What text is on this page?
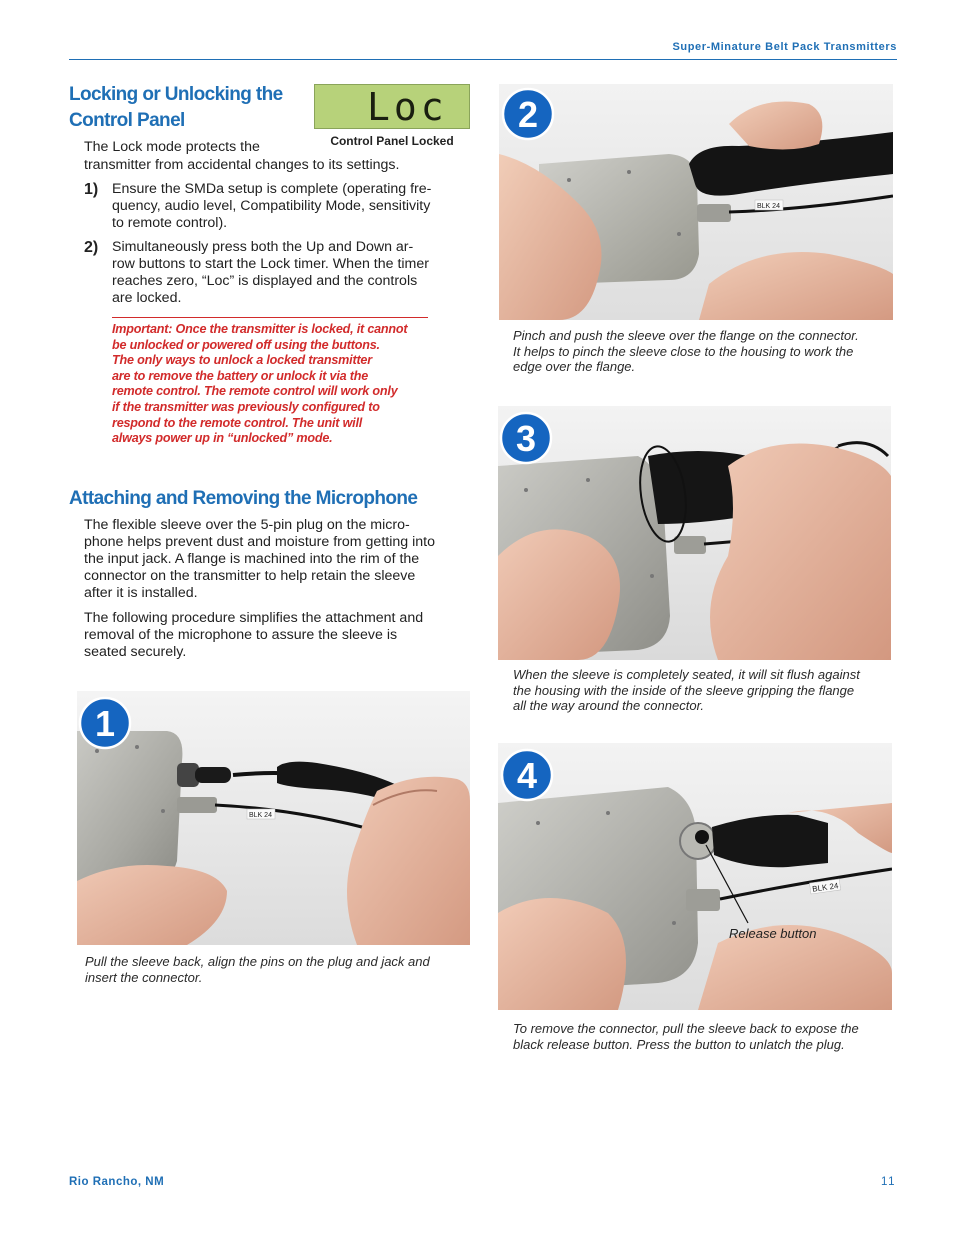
Super-Minature Belt Pack Transmitters
Locking or Unlocking the
Control Panel	Loc
Control Panel Locked

The Lock mode protects the

transmitter from accidental changes to its settings.

1) Ensure the SMDa setup is complete (operating fre-
quency, audio level, Compatibility Mode, sensitivity
to remote control).
2) Simultaneously press both the Up and Down ar-
row buttons to start the Lock timer. When the timer
reaches zero, “Loc” is displayed and the controls
are locked.
Important: Once the transmitter is locked, it cannot
be unlocked or powered off using the buttons.
The only ways to unlock a locked transmitter
are to remove the battery or unlock it via the
remote control. The remote control will work only
if the transmitter was previously configured to
respond to the remote control. The unit will
always power up in “unlocked” mode.
Attaching and Removing the Microphone

The flexible sleeve over the 5-pin plug on the micro-

phone helps prevent dust and moisture from getting into

the input jack. A flange is machined into the rim of the

connector on the transmitter to help retain the sleeve

after it is installed.

The following procedure simplifies the attachment and

removal of the microphone to assure the sleeve is

seated securely.

BLK 24
1
Pull the sleeve back, align the pins on the plug and jack and
insert the connector.
BLK 24
2
Pinch and push the sleeve over the flange on the connector.
It helps to pinch the sleeve close to the housing to work the
edge over the flange.
3
When the sleeve is completely seated, it will sit flush against
the housing with the inside of the sleeve gripping the flange
all the way around the connector.
BLK 24
4
Release button
To remove the connector, pull the sleeve back to expose the
black release button. Press the button to unlatch the plug.
Rio Rancho, NM	11
